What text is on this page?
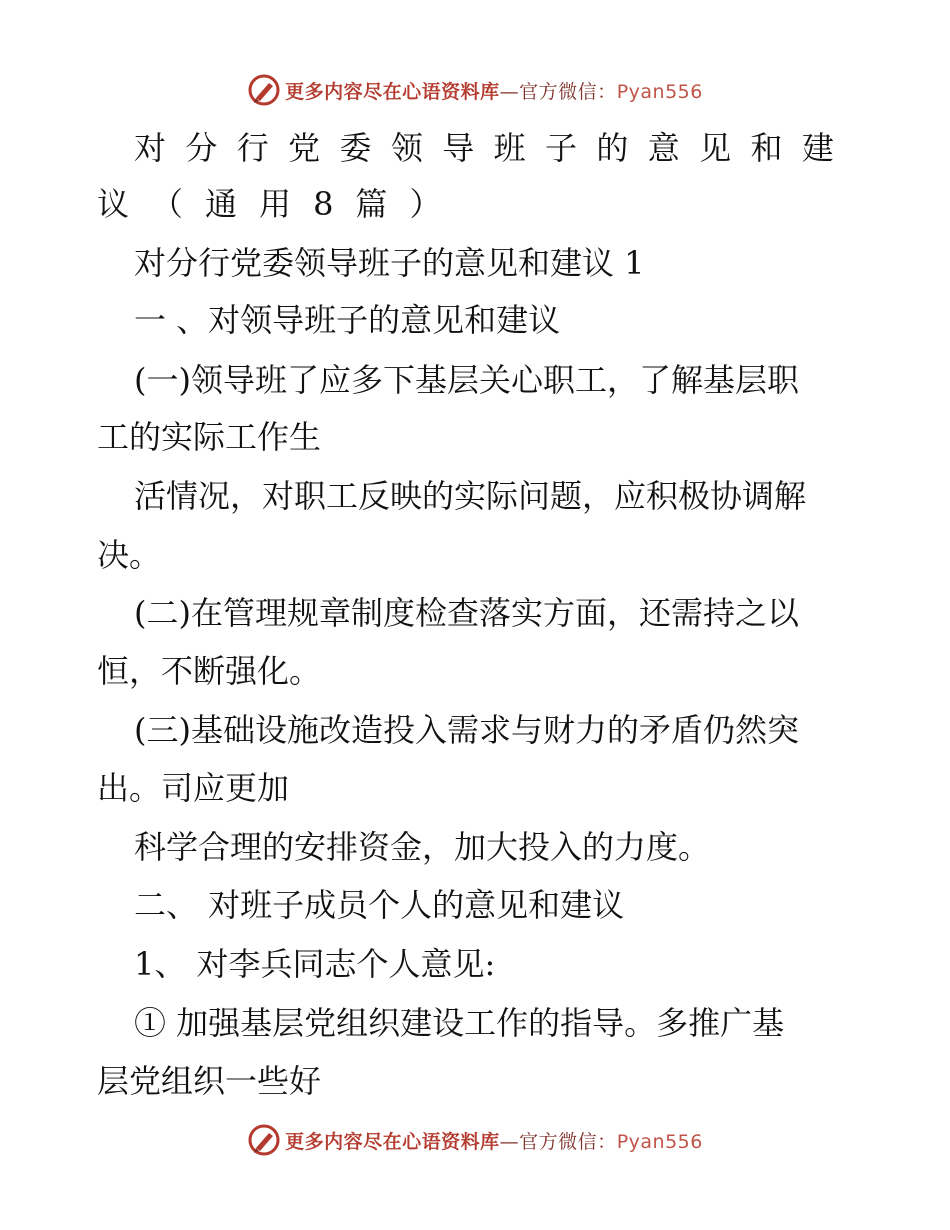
更多内容尽在心语资料库—官方微信：Pyan556
对 分 行 党 委 领 导 班 子 的 意 见 和 建
议 （ 通 用 8 篇 ）
对分行党委领导班子的意见和建议 1
一 、对领导班子的意见和建议
(一)领导班了应多下基层关心职工，了解基层职
工的实际工作生
活情况，对职工反映的实际问题，应积极协调解
决。
(二)在管理规章制度检查落实方面，还需持之以
恒，不断强化。
(三)基础设施改造投入需求与财力的矛盾仍然突
出。司应更加
科学合理的安排资金，加大投入的力度。
二、 对班子成员个人的意见和建议
1、 对李兵同志个人意见:
① 加强基层党组织建设工作的指导。多推广基
层党组织一些好
更多内容尽在心语资料库—官方微信：Pyan556
